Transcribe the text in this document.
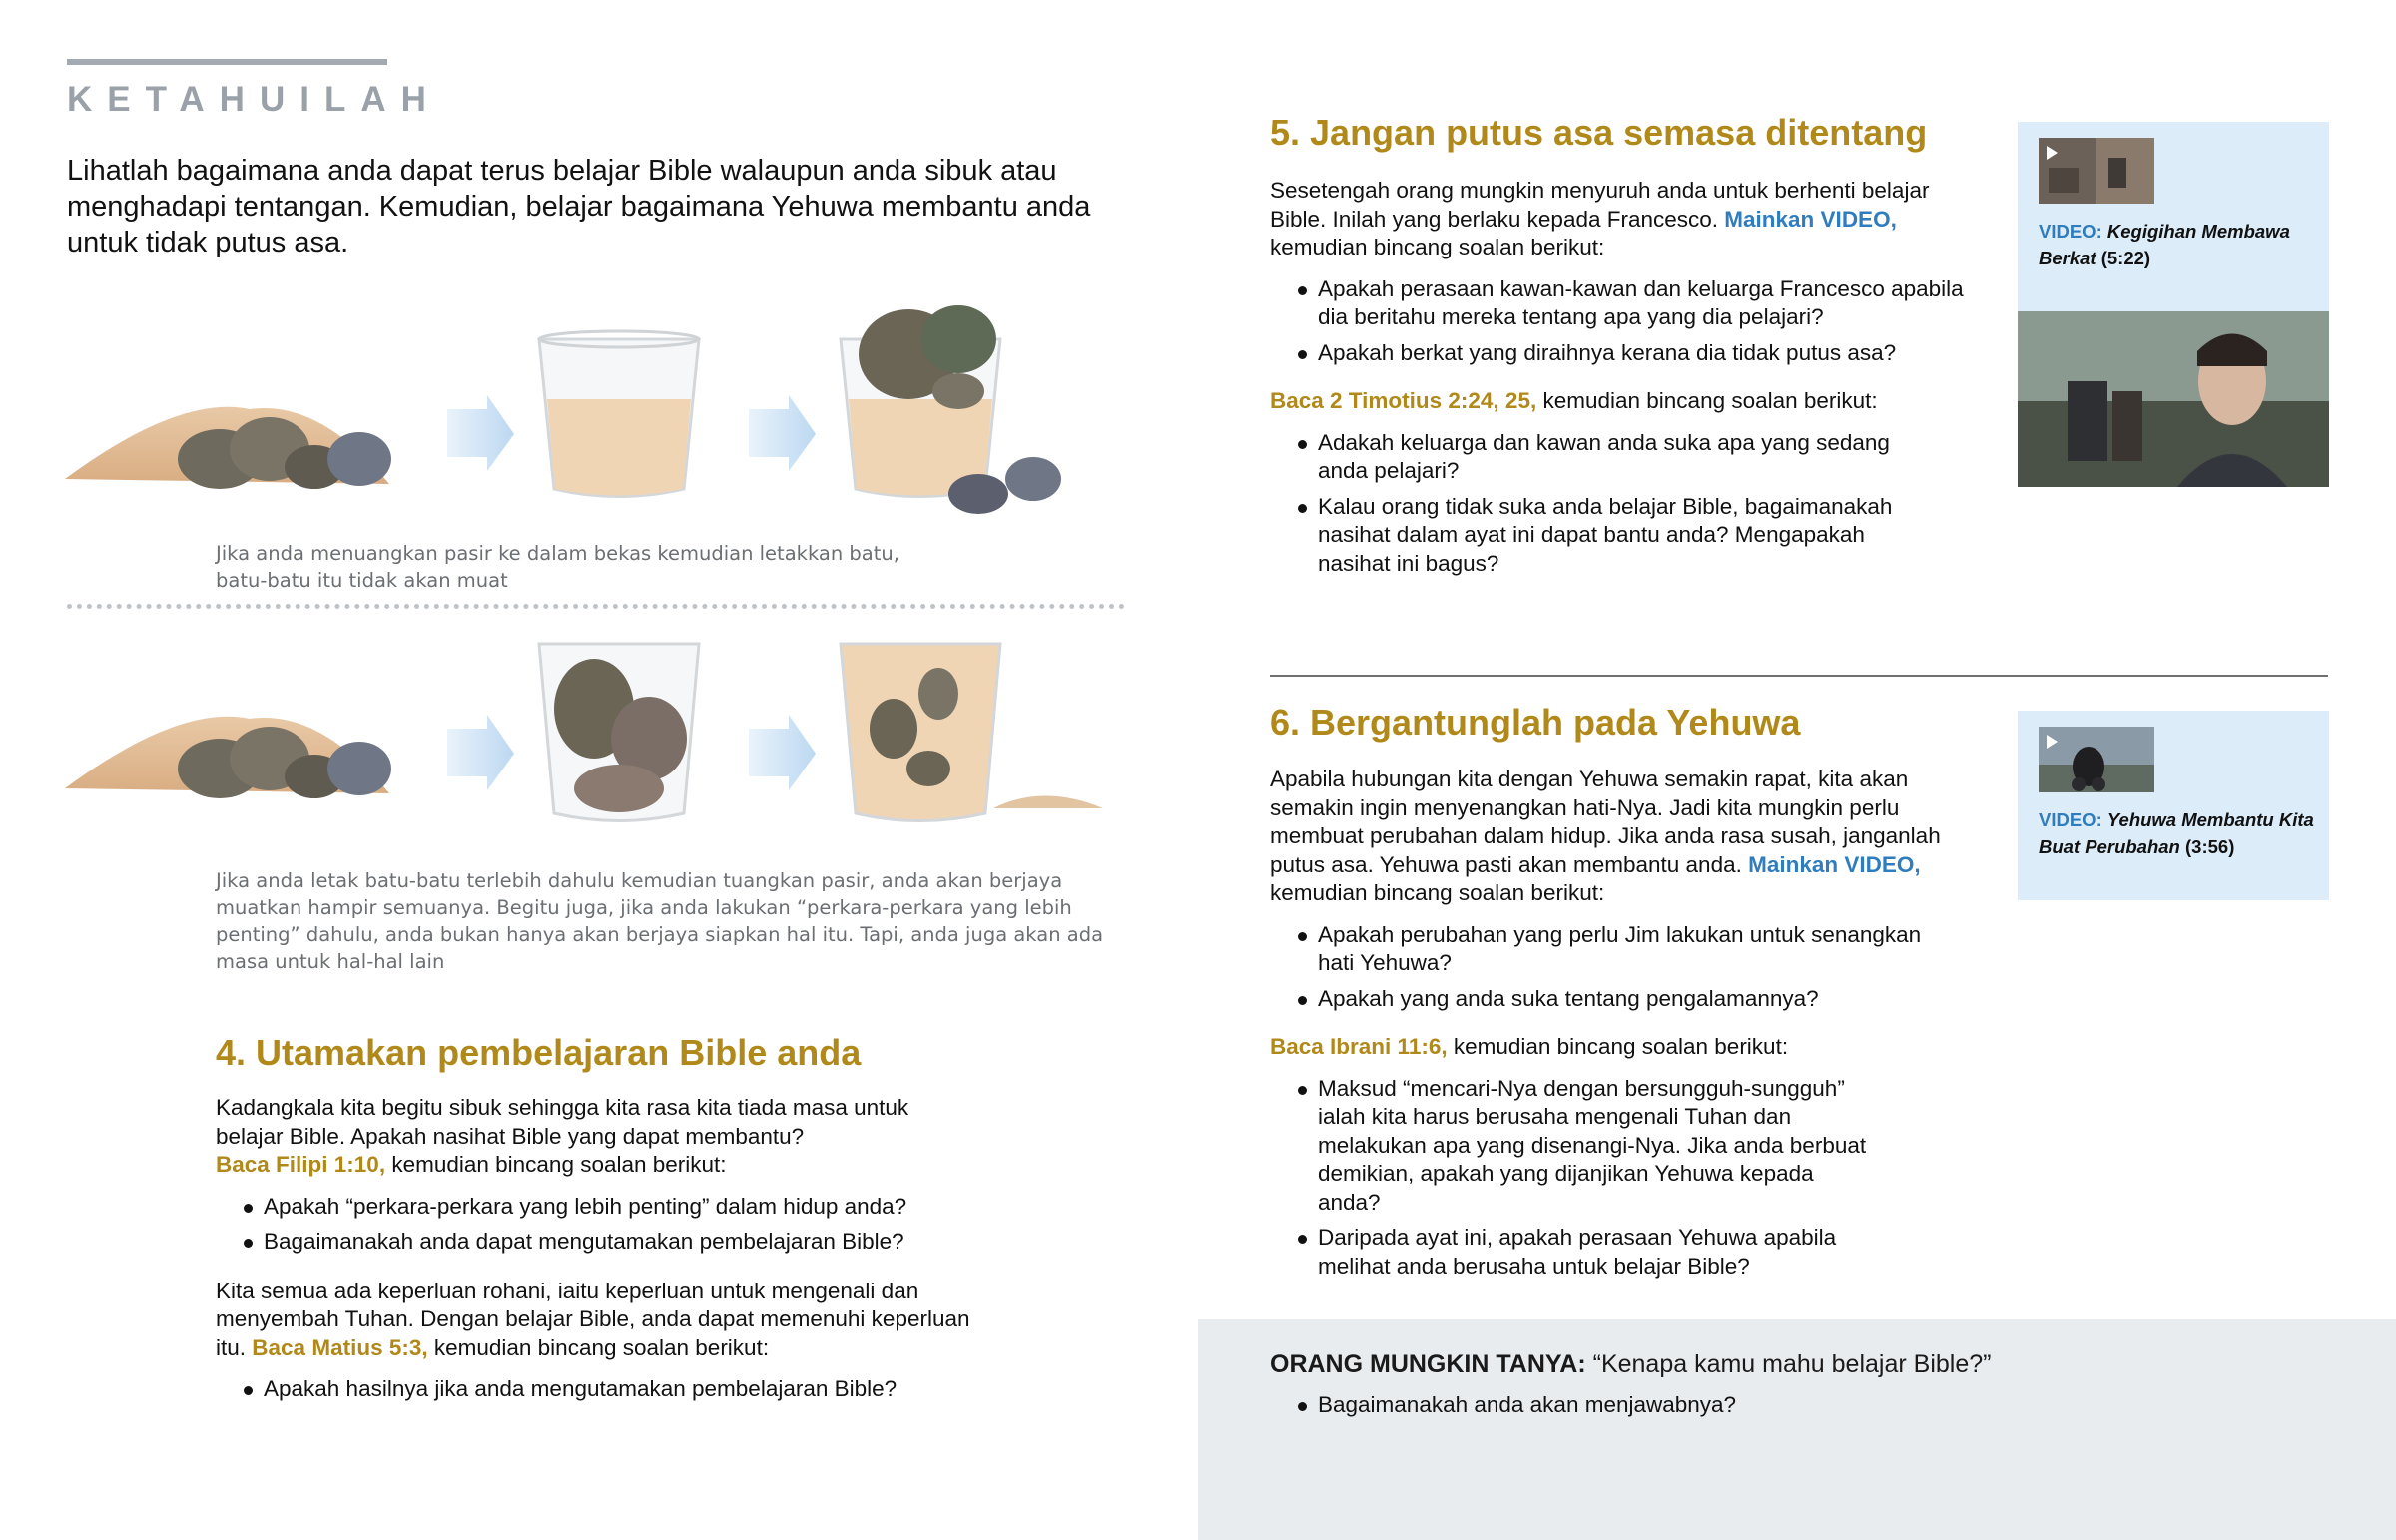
KETAHUILAH
Lihatlah bagaimana anda dapat terus belajar Bible walaupun anda sibuk atau menghadapi tentangan. Kemudian, belajar bagaimana Yehuwa membantu anda untuk tidak putus asa.
Jika anda menuangkan pasir ke dalam bekas kemudian letakkan batu, batu-batu itu tidak akan muat
Jika anda letak batu-batu terlebih dahulu kemudian tuangkan pasir, anda akan berjaya muatkan hampir semuanya. Begitu juga, jika anda lakukan “perkara-perkara yang lebih penting” dahulu, anda bukan hanya akan berjaya siapkan hal itu. Tapi, anda juga akan ada masa untuk hal-hal lain
4. Utamakan pembelajaran Bible anda
Kadangkala kita begitu sibuk sehingga kita rasa kita tiada masa untuk belajar Bible. Apakah nasihat Bible yang dapat membantu?
Baca Filipi 1:10, kemudian bincang soalan berikut:
Apakah “perkara-perkara yang lebih penting” dalam hidup anda?
Bagaimanakah anda dapat mengutamakan pembelajaran Bible?
Kita semua ada keperluan rohani, iaitu keperluan untuk mengenali dan menyembah Tuhan. Dengan belajar Bible, anda dapat memenuhi keperluan itu. Baca Matius 5:3, kemudian bincang soalan berikut:
Apakah hasilnya jika anda mengutamakan pembelajaran Bible?
5. Jangan putus asa semasa ditentang
Sesetengah orang mungkin menyuruh anda untuk berhenti belajar Bible. Inilah yang berlaku kepada Francesco. Mainkan VIDEO, kemudian bincang soalan berikut:
Apakah perasaan kawan-kawan dan keluarga Francesco apabila dia beritahu mereka tentang apa yang dia pelajari?
Apakah berkat yang diraihnya kerana dia tidak putus asa?
Baca 2 Timotius 2:24, 25, kemudian bincang soalan berikut:
Adakah keluarga dan kawan anda suka apa yang sedang anda pelajari?
Kalau orang tidak suka anda belajar Bible, bagaimanakah nasihat dalam ayat ini dapat bantu anda? Mengapakah nasihat ini bagus?
VIDEO: Kegigihan Membawa Berkat (5:22)
6. Bergantunglah pada Yehuwa
Apabila hubungan kita dengan Yehuwa semakin rapat, kita akan semakin ingin menyenangkan hati-Nya. Jadi kita mungkin perlu membuat perubahan dalam hidup. Jika anda rasa susah, janganlah putus asa. Yehuwa pasti akan membantu anda. Mainkan VIDEO, kemudian bincang soalan berikut:
Apakah perubahan yang perlu Jim lakukan untuk senangkan hati Yehuwa?
Apakah yang anda suka tentang pengalamannya?
Baca Ibrani 11:6, kemudian bincang soalan berikut:
Maksud “mencari-Nya dengan bersungguh-sungguh” ialah kita harus berusaha mengenali Tuhan dan melakukan apa yang disenangi-Nya. Jika anda berbuat demikian, apakah yang dijanjikan Yehuwa kepada anda?
Daripada ayat ini, apakah perasaan Yehuwa apabila melihat anda berusaha untuk belajar Bible?
VIDEO: Yehuwa Membantu Kita Buat Perubahan (3:56)
ORANG MUNGKIN TANYA: “Kenapa kamu mahu belajar Bible?”
Bagaimanakah anda akan menjawabnya?
